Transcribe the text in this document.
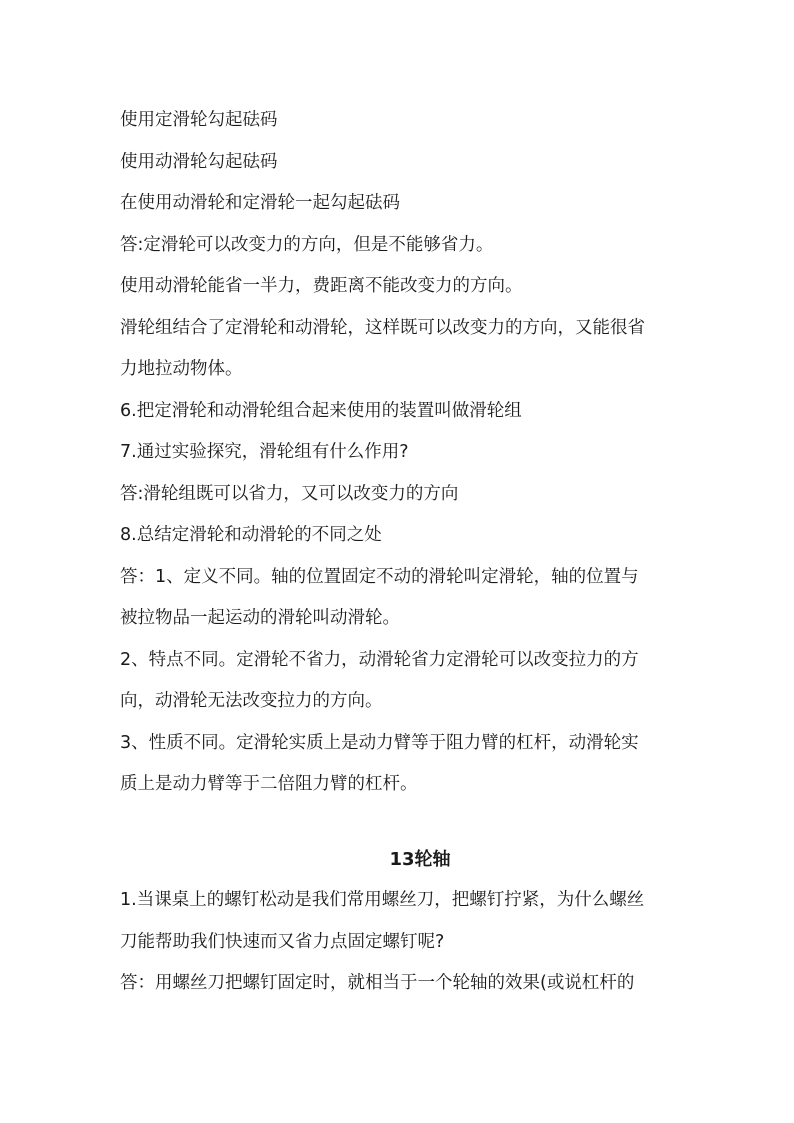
使用定滑轮勾起砝码
使用动滑轮勾起砝码
在使用动滑轮和定滑轮一起勾起砝码
答:定滑轮可以改变力的方向，但是不能够省力。
使用动滑轮能省一半力，费距离不能改变力的方向。
滑轮组结合了定滑轮和动滑轮，这样既可以改变力的方向，又能很省
力地拉动物体。
6.把定滑轮和动滑轮组合起来使用的装置叫做滑轮组
7.通过实验探究，滑轮组有什么作用?
答:滑轮组既可以省力，又可以改变力的方向
8.总结定滑轮和动滑轮的不同之处
答：1、定义不同。轴的位置固定不动的滑轮叫定滑轮，轴的位置与
被拉物品一起运动的滑轮叫动滑轮。
2、特点不同。定滑轮不省力，动滑轮省力定滑轮可以改变拉力的方
向，动滑轮无法改变拉力的方向。
3、性质不同。定滑轮实质上是动力臂等于阻力臂的杠杆，动滑轮实
质上是动力臂等于二倍阻力臂的杠杆。
13轮轴
1.当课桌上的螺钉松动是我们常用螺丝刀，把螺钉拧紧，为什么螺丝
刀能帮助我们快速而又省力点固定螺钉呢?
答：用螺丝刀把螺钉固定时，就相当于一个轮轴的效果(或说杠杆的
